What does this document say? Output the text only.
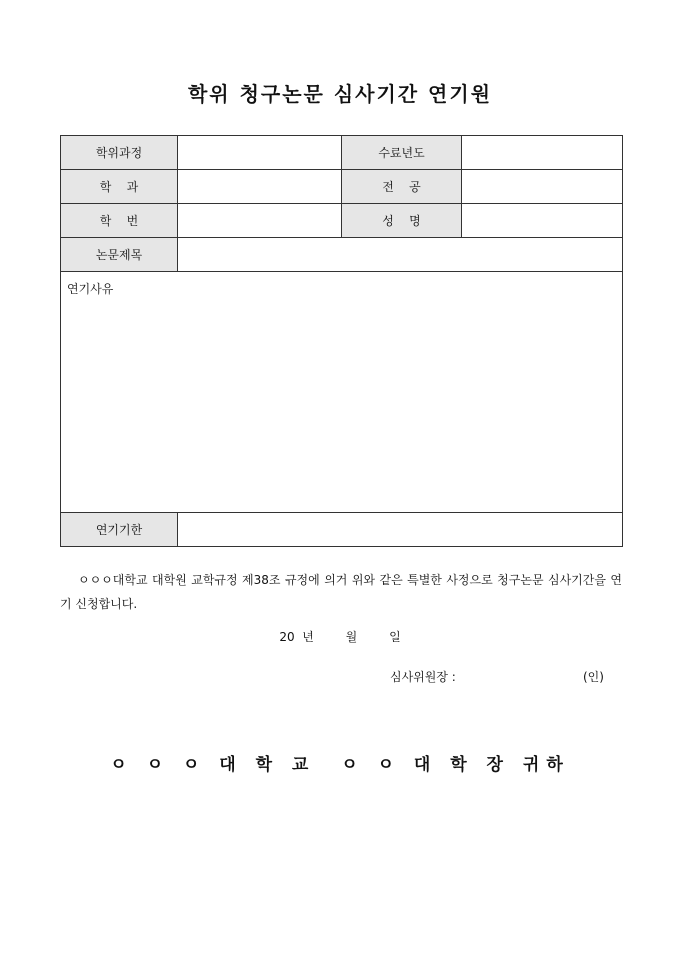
학위 청구논문 심사기간 연기원
학위과정		수료년도	
학    과		전    공	
학    번		성    명	
논문제목			
연기사유			
연기기한			
ㅇㅇㅇ대학교 대학원 교학규정 제38조 규정에 의거 위와 같은 특별한 사정으로 청구논문 심사기간을 연기 신청합니다.
20  년	월	일
심사위원장 :	(인)
ㅇ ㅇ ㅇ 대 학 교  ㅇ ㅇ 대 학 장 귀하
